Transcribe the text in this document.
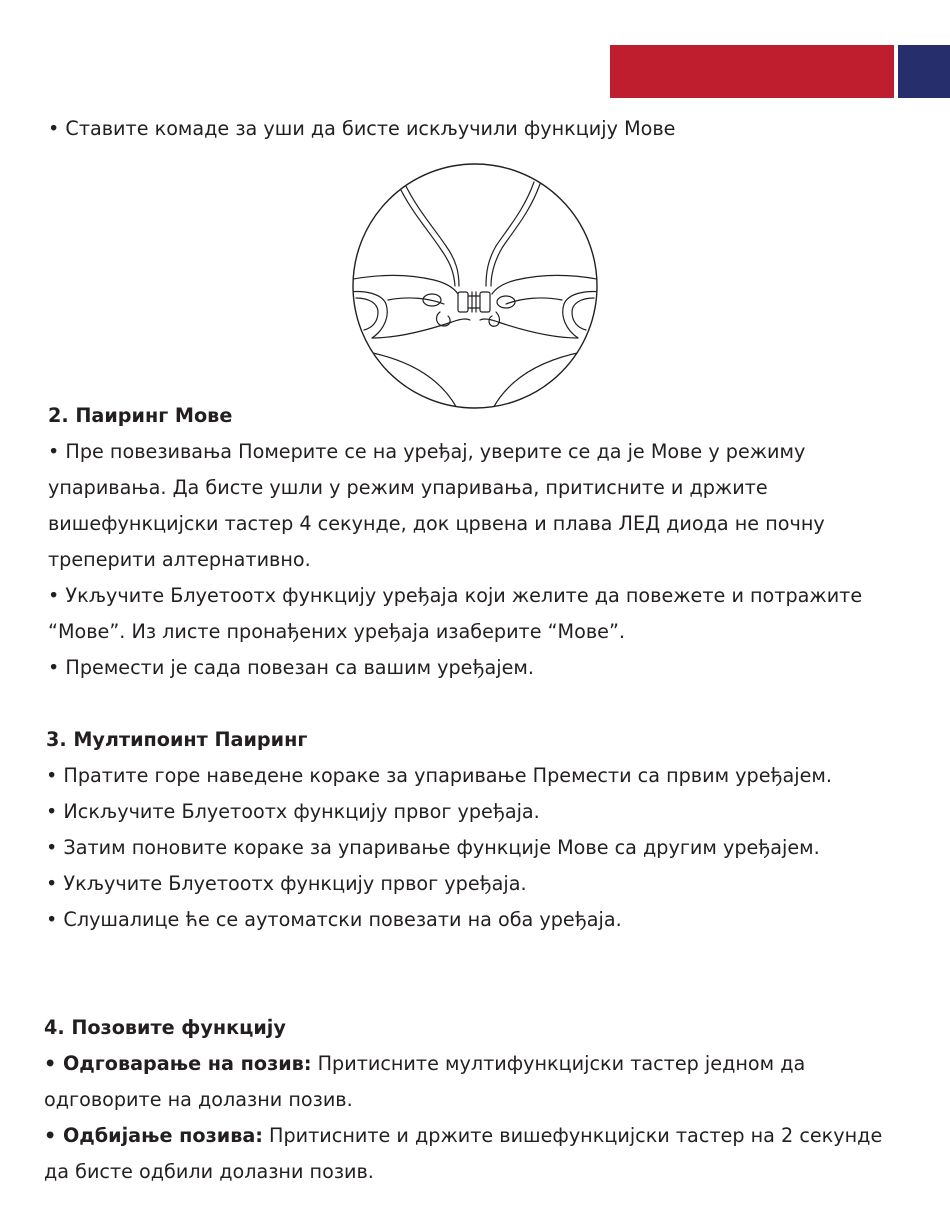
• Ставите комаде за уши да бисте искључили функцију Мове
2. Паиринг Мове
• Пре повезивања Померите се на уређај, уверите се да је Мове у режиму
упаривања. Да бисте ушли у режим упаривања, притисните и држите
вишефункцијски тастер 4 секунде, док црвена и плава ЛЕД диода не почну
треперити алтернативно.
• Укључите Блуетоотх функцију уређаја који желите да повежете и потражите
“Мове”. Из листе пронађених уређаја изаберите “Мове”.
• Премести је сада повезан са вашим уређајем.
3. Мултипоинт Паиринг
• Пратите горе наведене кораке за упаривање Премести са првим уређајем.
• Искључите Блуетоотх функцију првог уређаја.
• Затим поновите кораке за упаривање функције Мове са другим уређајем.
• Укључите Блуетоотх функцију првог уређаја.
• Слушалице ће се аутоматски повезати на оба уређаја.
4. Позовите функцију
• Одговарање на позив: Притисните мултифункцијски тастер једном да
одговорите на долазни позив.
• Одбијање позива: Притисните и држите вишефункцијски тастер на 2 секунде
да бисте одбили долазни позив.
